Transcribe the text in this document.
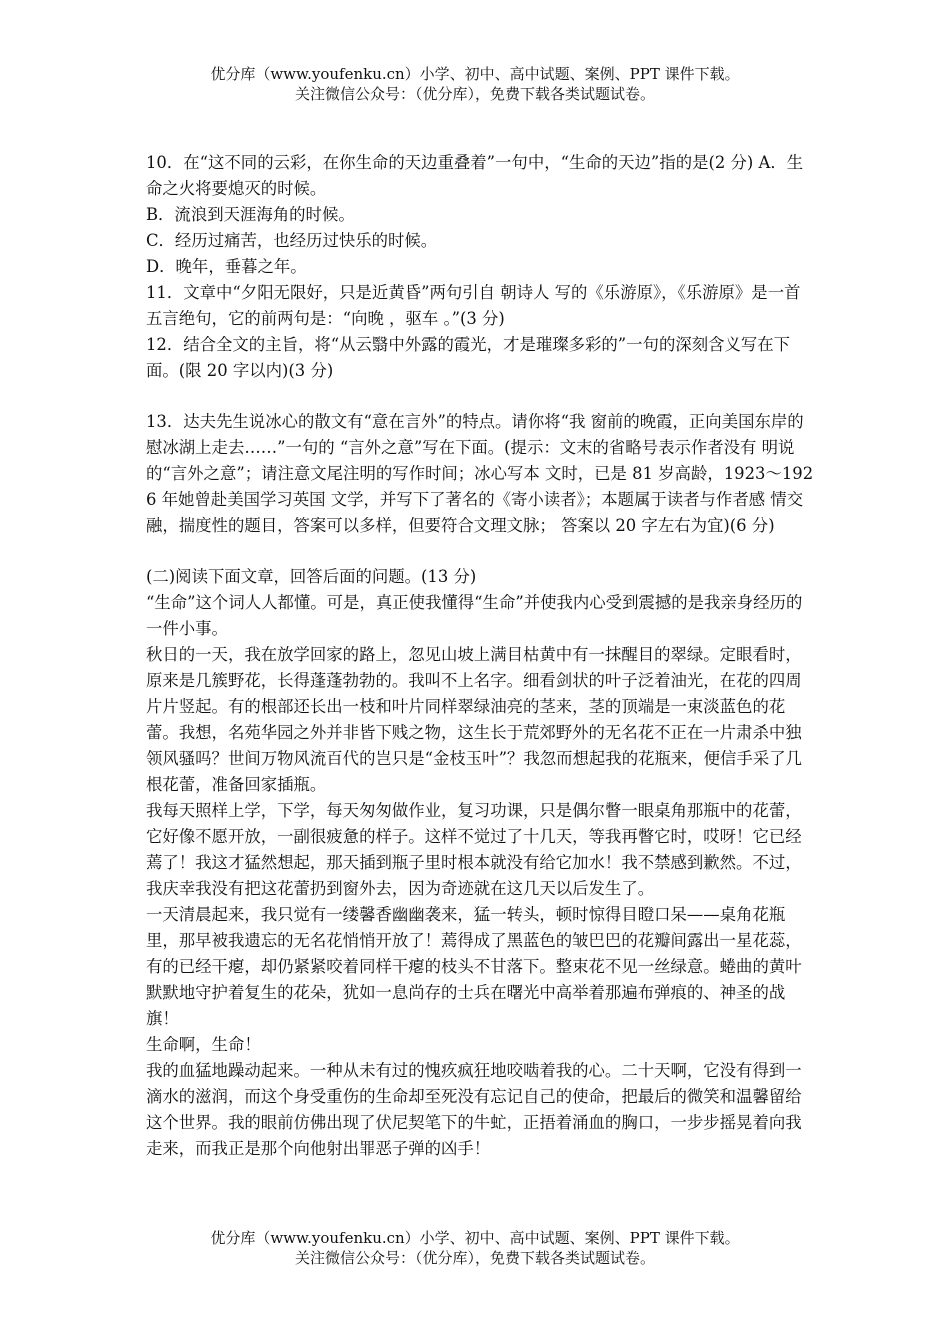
优分库（www.youfenku.cn）小学、初中、高中试题、案例、PPT 课件下载。
关注微信公众号：（优分库），免费下载各类试题试卷。

10．在“这不同的云彩，在你生命的天边重叠着”一句中，“生命的天边”指的是(2 分) A．生命之火将要熄灭的时候。

B．流浪到天涯海角的时候。

C．经历过痛苦，也经历过快乐的时候。

D．晚年，垂暮之年。

11．文章中“夕阳无限好，只是近黄昏”两句引自 朝诗人 写的《乐游原》，《乐游原》是一首五言绝句，它的前两句是：“向晚 ，驱车 。”(3 分)

12．结合全文的主旨，将“从云翳中外露的霞光，才是璀璨多彩的”一句的深刻含义写在下面。(限 20 字以内)(3 分)

13．达夫先生说冰心的散文有“意在言外”的特点。请你将“我 窗前的晚霞，正向美国东岸的慰冰湖上走去……”一句的 “言外之意”写在下面。(提示：文末的省略号表示作者没有 明说的“言外之意”；请注意文尾注明的写作时间；冰心写本 文时，已是 81 岁高龄，1923～1926 年她曾赴美国学习英国 文学，并写下了著名的《寄小读者》；本题属于读者与作者感 情交融，揣度性的题目，答案可以多样，但要符合文理文脉； 答案以 20 字左右为宜)(6 分)

(二)阅读下面文章，回答后面的问题。(13 分)

“生命”这个词人人都懂。可是，真正使我懂得“生命”并使我内心受到震撼的是我亲身经历的一件小事。

秋日的一天，我在放学回家的路上，忽见山坡上满目枯黄中有一抹醒目的翠绿。定眼看时，原来是几簇野花，长得蓬蓬勃勃的。我叫不上名字。细看剑状的叶子泛着油光，在花的四周片片竖起。有的根部还长出一枝和叶片同样翠绿油亮的茎来，茎的顶端是一束淡蓝色的花蕾。我想，名苑华园之外并非皆下贱之物，这生长于荒郊野外的无名花不正在一片肃杀中独领风骚吗？世间万物风流百代的岂只是“金枝玉叶”？我忽而想起我的花瓶来，便信手采了几根花蕾，准备回家插瓶。

我每天照样上学，下学，每天匆匆做作业，复习功课，只是偶尔瞥一眼桌角那瓶中的花蕾，它好像不愿开放，一副很疲惫的样子。这样不觉过了十几天，等我再瞥它时，哎呀！它已经蔫了！我这才猛然想起，那天插到瓶子里时根本就没有给它加水！我不禁感到歉然。不过，我庆幸我没有把这花蕾扔到窗外去，因为奇迹就在这几天以后发生了。

一天清晨起来，我只觉有一缕馨香幽幽袭来，猛一转头，顿时惊得目瞪口呆——桌角花瓶里，那早被我遗忘的无名花悄悄开放了！蔫得成了黑蓝色的皱巴巴的花瓣间露出一星花蕊，有的已经干瘪，却仍紧紧咬着同样干瘪的枝头不甘落下。整束花不见一丝绿意。蜷曲的黄叶默默地守护着复生的花朵，犹如一息尚存的士兵在曙光中高举着那遍布弹痕的、神圣的战旗！

生命啊，生命！

我的血猛地躁动起来。一种从未有过的愧疚疯狂地咬啮着我的心。二十天啊，它没有得到一滴水的滋润，而这个身受重伤的生命却至死没有忘记自己的使命，把最后的微笑和温馨留给这个世界。我的眼前仿佛出现了伏尼契笔下的牛虻，正捂着涌血的胸口，一步步摇晃着向我走来，而我正是那个向他射出罪恶子弹的凶手！

优分库（www.youfenku.cn）小学、初中、高中试题、案例、PPT 课件下载。
关注微信公众号：（优分库），免费下载各类试题试卷。
